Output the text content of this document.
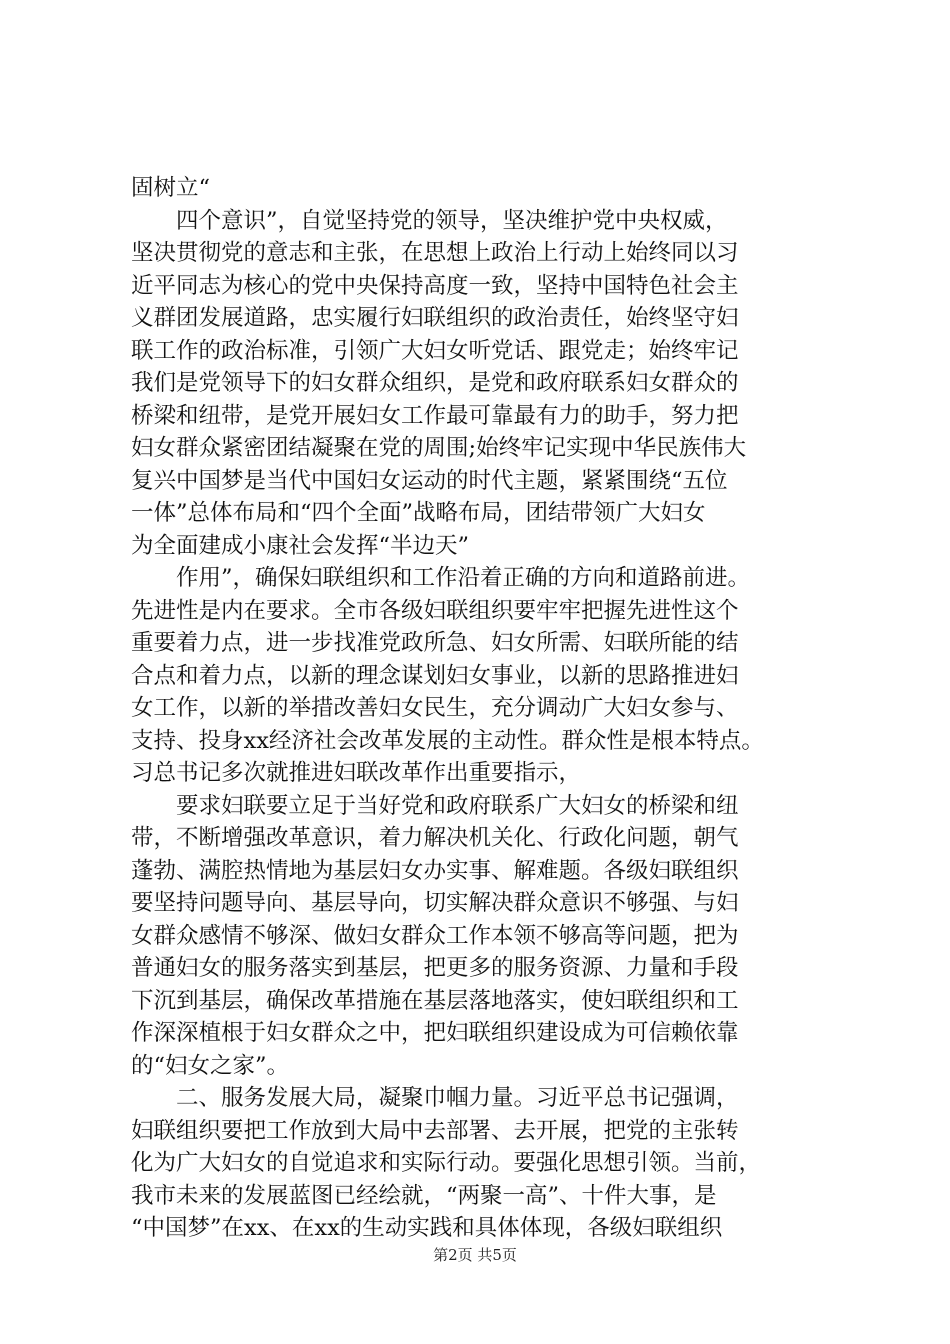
固树立“
四个意识”，自觉坚持党的领导，坚决维护党中央权威，
坚决贯彻党的意志和主张，在思想上政治上行动上始终同以习
近平同志为核心的党中央保持高度一致，坚持中国特色社会主
义群团发展道路，忠实履行妇联组织的政治责任，始终坚守妇
联工作的政治标准，引领广大妇女听党话、跟党走；始终牢记
我们是党领导下的妇女群众组织，是党和政府联系妇女群众的
桥梁和纽带，是党开展妇女工作最可靠最有力的助手，努力把
妇女群众紧密团结凝聚在党的周围;始终牢记实现中华民族伟大
复兴中国梦是当代中国妇女运动的时代主题，紧紧围绕“五位
一体”总体布局和“四个全面”战略布局，团结带领广大妇女
为全面建成小康社会发挥“半边天”
作用”，确保妇联组织和工作沿着正确的方向和道路前进。
先进性是内在要求。全市各级妇联组织要牢牢把握先进性这个
重要着力点，进一步找准党政所急、妇女所需、妇联所能的结
合点和着力点，以新的理念谋划妇女事业，以新的思路推进妇
女工作，以新的举措改善妇女民生，充分调动广大妇女参与、
支持、投身xx经济社会改革发展的主动性。群众性是根本特点。
习总书记多次就推进妇联改革作出重要指示，
要求妇联要立足于当好党和政府联系广大妇女的桥梁和纽
带，不断增强改革意识，着力解决机关化、行政化问题，朝气
蓬勃、满腔热情地为基层妇女办实事、解难题。各级妇联组织
要坚持问题导向、基层导向，切实解决群众意识不够强、与妇
女群众感情不够深、做妇女群众工作本领不够高等问题，把为
普通妇女的服务落实到基层，把更多的服务资源、力量和手段
下沉到基层，确保改革措施在基层落地落实，使妇联组织和工
作深深植根于妇女群众之中，把妇联组织建设成为可信赖依靠
的“妇女之家”。
二、服务发展大局，凝聚巾帼力量。习近平总书记强调，
妇联组织要把工作放到大局中去部署、去开展，把党的主张转
化为广大妇女的自觉追求和实际行动。要强化思想引领。当前，
我市未来的发展蓝图已经绘就，“两聚一高”、十件大事，是
“中国梦”在xx、在xx的生动实践和具体体现，各级妇联组织
第2页 共5页
